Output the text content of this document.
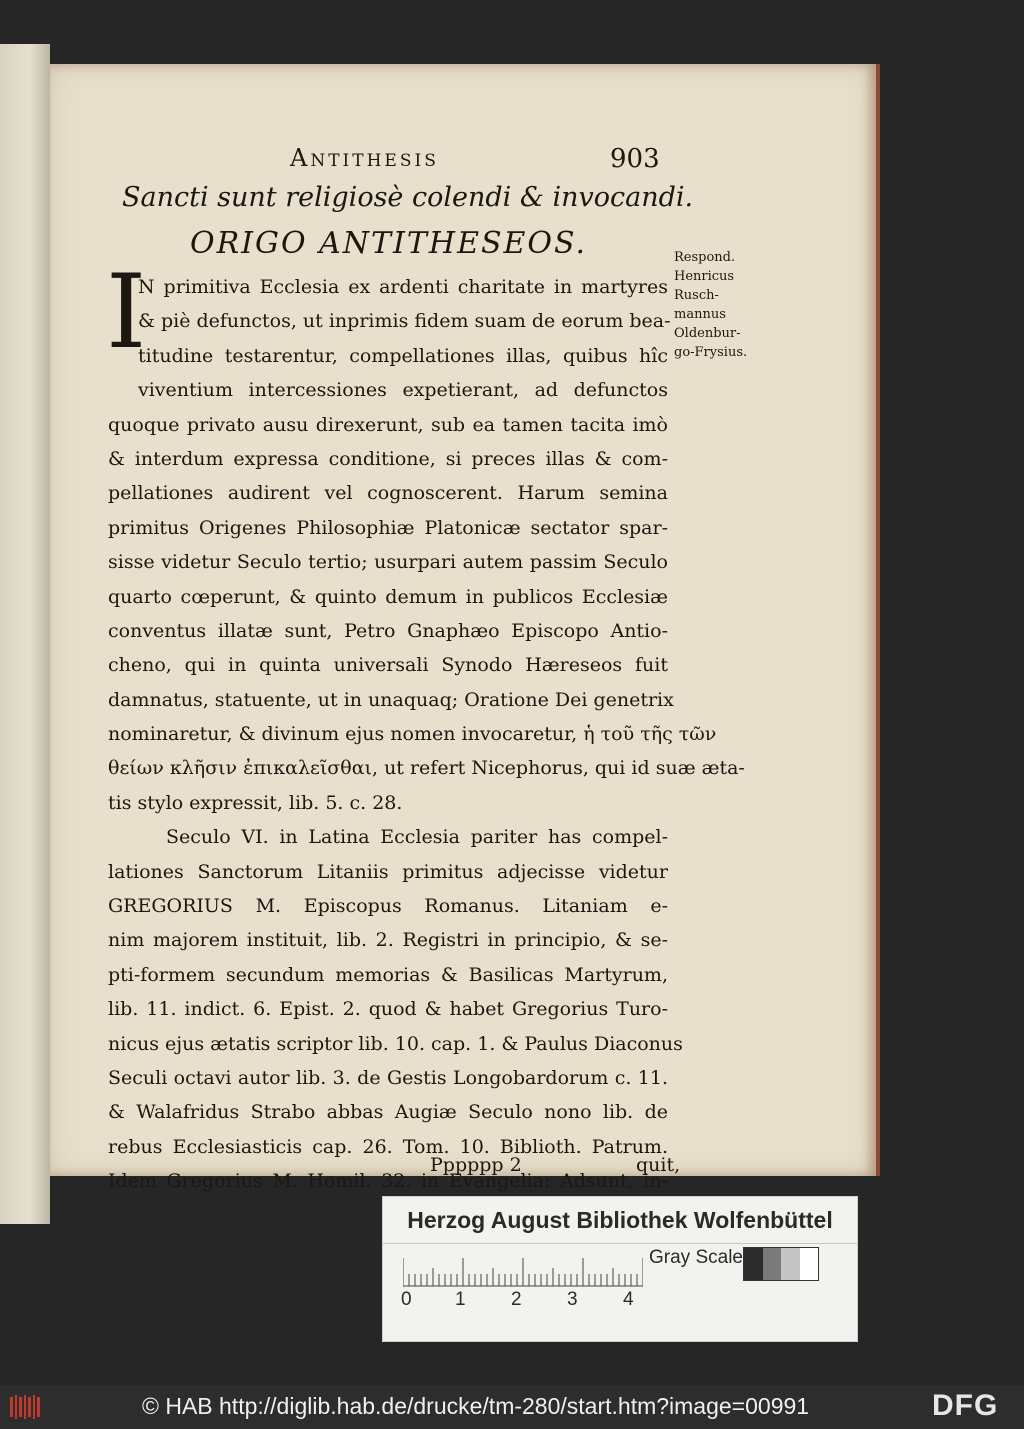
Antithesis	903
Sancti sunt religiosè colendi & invocandi.
ORIGO ANTITHESEOS.
I
N primitiva Ecclesia ex ardenti charitate in martyres
& piè defunctos, ut inprimis fidem suam de eorum bea-
titudine testarentur, compellationes illas, quibus hîc
viventium intercessiones expetierant, ad defunctos
quoque privato ausu direxerunt, sub ea tamen tacita imò
& interdum expressa conditione, si preces illas & com-
pellationes audirent vel cognoscerent. Harum semina
primitus Origenes Philosophiæ Platonicæ sectator spar-
sisse videtur Seculo tertio; usurpari autem passim Seculo
quarto cœperunt, & quinto demum in publicos Ecclesiæ
conventus illatæ sunt, Petro Gnaphæo Episcopo Antio-
cheno, qui in quinta universali Synodo Hæreseos fuit
damnatus, statuente, ut in unaquaq; Oratione Dei genetrix
nominaretur, & divinum ejus nomen invocaretur, ἡ τοῦ τῆς τῶν
θείων κλῆσιν ἐπικαλεῖσθαι, ut refert Nicephorus, qui id suæ æta-
tis stylo expressit, lib. 5. c. 28.
Seculo VI. in Latina Ecclesia pariter has compel-
lationes Sanctorum Litaniis primitus adjecisse videtur
GREGORIUS M. Episcopus Romanus. Litaniam e-
nim majorem instituit, lib. 2. Registri in principio, & se-
pti-formem secundum memorias & Basilicas Martyrum,
lib. 11. indict. 6. Epist. 2. quod & habet Gregorius Turo-
nicus ejus ætatis scriptor lib. 10. cap. 1. & Paulus Diaconus
Seculi octavi autor lib. 3. de Gestis Longobardorum c. 11.
& Walafridus Strabo abbas Augiæ Seculo nono lib. de
rebus Ecclesiasticis cap. 26. Tom. 10. Biblioth. Patrum.
Idem Gregorius M. Homil. 32. in Evangelia: Adsunt, in-
Respond.
Henricus
Rusch-
mannus
Oldenbur-
go-Frysius.
Pppppp 2	quit,
Herzog August Bibliothek Wolfenbüttel
0 1 2 3 4
Gray Scale
© HAB http://diglib.hab.de/drucke/tm-280/start.htm?image=00991	DFG
